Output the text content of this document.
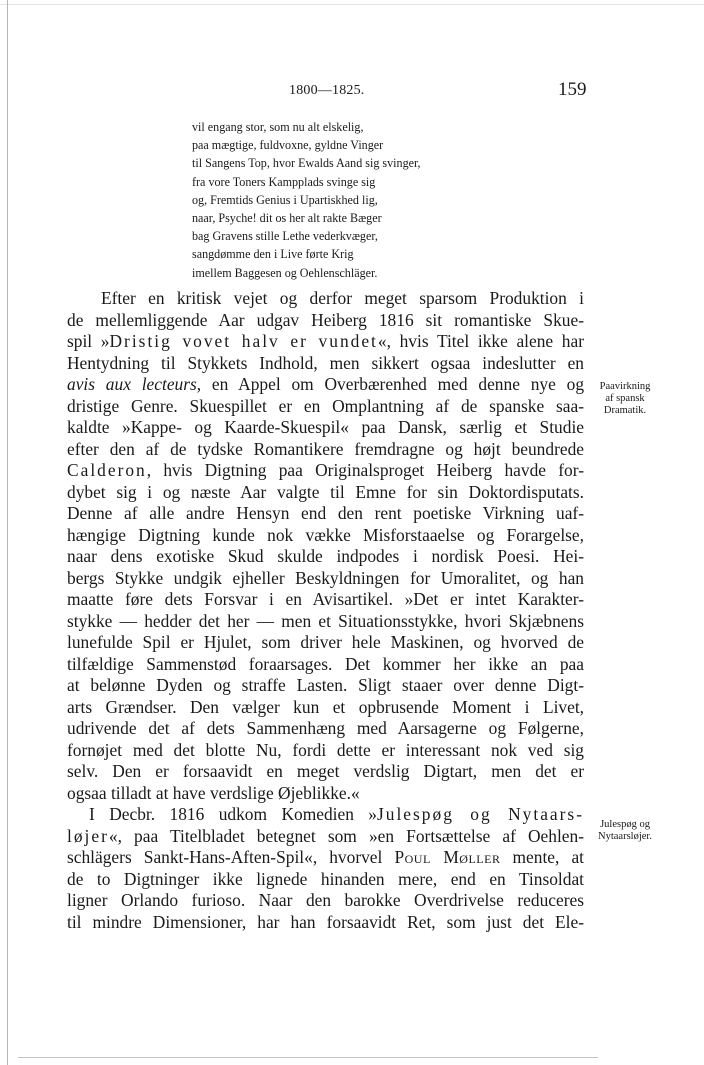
1800—1825.	159
vil engang stor, som nu alt elskelig,
paa mægtige, fuldvoxne, gyldne Vinger
til Sangens Top, hvor Ewalds Aand sig svinger,
fra vore Toners Kampplads svinge sig
og, Fremtids Genius i Upartiskhed lig,
naar, Psyche! dit os her alt rakte Bæger
bag Gravens stille Lethe vederkvæger,
sangdømme den i Live førte Krig
imellem Baggesen og Oehlenschläger.
Efter en kritisk vejet og derfor meget sparsom Produktion i
de mellemliggende Aar udgav Heiberg 1816 sit romantiske Skue-
spil »Dristig vovet halv er vundet«, hvis Titel ikke alene har
Hentydning til Stykkets Indhold, men sikkert ogsaa indeslutter en
avis aux lecteurs, en Appel om Overbærenhed med denne nye og
dristige Genre. Skuespillet er en Omplantning af de spanske saa-
kaldte »Kappe- og Kaarde-Skuespil« paa Dansk, særlig et Studie
efter den af de tydske Romantikere fremdragne og højt beundrede
Calderon, hvis Digtning paa Originalsproget Heiberg havde for-
dybet sig i og næste Aar valgte til Emne for sin Doktordisputats.
Denne af alle andre Hensyn end den rent poetiske Virkning uaf-
hængige Digtning kunde nok vække Misforstaaelse og Forargelse,
naar dens exotiske Skud skulde indpodes i nordisk Poesi. Hei-
bergs Stykke undgik ejheller Beskyldningen for Umoralitet, og han
maatte føre dets Forsvar i en Avisartikel. »Det er intet Karakter-
stykke — hedder det her — men et Situationsstykke, hvori Skjæbnens
lunefulde Spil er Hjulet, som driver hele Maskinen, og hvorved de
tilfældige Sammenstød foraarsages. Det kommer her ikke an paa
at belønne Dyden og straffe Lasten. Sligt staaer over denne Digt-
arts Grændser. Den vælger kun et opbrusende Moment i Livet,
udrivende det af dets Sammenhæng med Aarsagerne og Følgerne,
fornøjet med det blotte Nu, fordi dette er interessant nok ved sig
selv. Den er forsaavidt en meget verdslig Digtart, men det er
ogsaa tilladt at have verdslige Øjeblikke.«
I Decbr. 1816 udkom Komedien »Julespøg og Nytaars-
løjer«, paa Titelbladet betegnet som »en Fortsættelse af Oehlen-
schlägers Sankt-Hans-Aften-Spil«, hvorvel Poul Møller mente, at
de to Digtninger ikke lignede hinanden mere, end en Tinsoldat
ligner Orlando furioso. Naar den barokke Overdrivelse reduceres
til mindre Dimensioner, har han forsaavidt Ret, som just det Ele-
Paavirkning
af spansk
Dramatik.
Julespøg og
Nytaarsløjer.
